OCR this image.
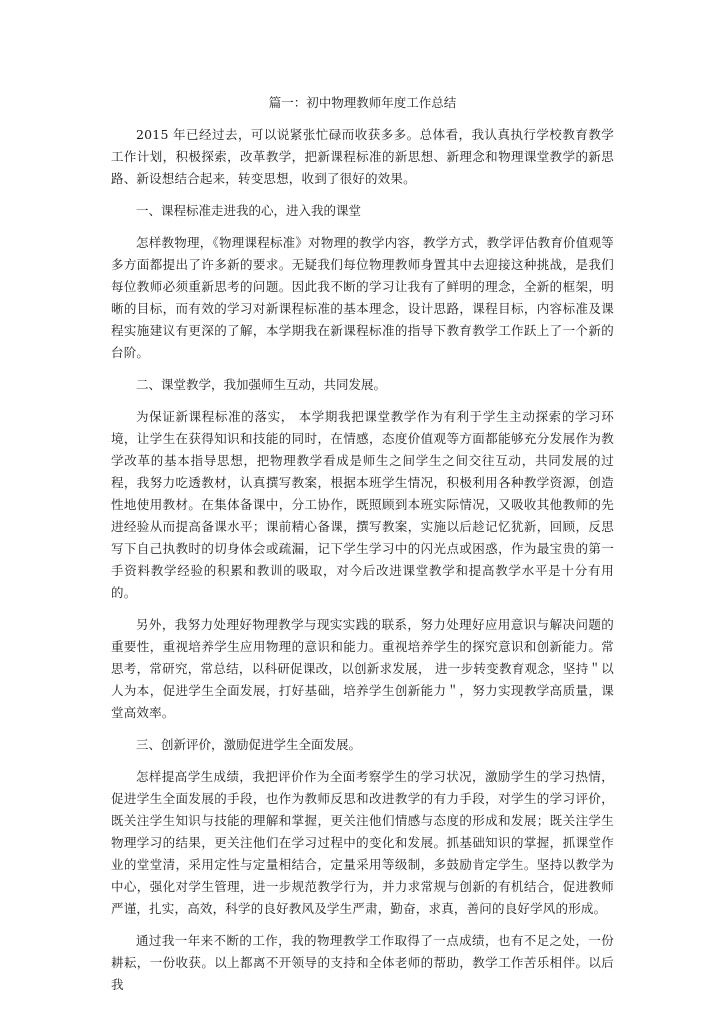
篇一：初中物理教师年度工作总结

2015 年已经过去，可以说紧张忙碌而收获多多。总体看，我认真执行学校教育教学工作计划，积极探索，改革教学，把新课程标准的新思想、新理念和物理课堂教学的新思路、新设想结合起来，转变思想，收到了很好的效果。

一、课程标准走进我的心，进入我的课堂

怎样教物理，《物理课程标准》对物理的教学内容，教学方式，教学评估教育价值观等多方面都提出了许多新的要求。无疑我们每位物理教师身置其中去迎接这种挑战，是我们每位教师必须重新思考的问题。因此我不断的学习让我有了鲜明的理念，全新的框架，明晰的目标，而有效的学习对新课程标准的基本理念，设计思路，课程目标，内容标准及课程实施建议有更深的了解，本学期我在新课程标准的指导下教育教学工作跃上了一个新的台阶。

二、课堂教学，我加强师生互动，共同发展。

为保证新课程标准的落实， 本学期我把课堂教学作为有利于学生主动探索的学习环境，让学生在获得知识和技能的同时，在情感，态度价值观等方面都能够充分发展作为教学改革的基本指导思想，把物理教学看成是师生之间学生之间交往互动，共同发展的过程，我努力吃透教材，认真撰写教案，根据本班学生情况，积极利用各种教学资源，创造性地使用教材。在集体备课中，分工协作，既照顾到本班实际情况，又吸收其他教师的先进经验从而提高备课水平；课前精心备课，撰写教案，实施以后趁记忆犹新，回顾，反思写下自己执教时的切身体会或疏漏，记下学生学习中的闪光点或困惑，作为最宝贵的第一手资料教学经验的积累和教训的吸取，对今后改进课堂教学和提高教学水平是十分有用的。

另外，我努力处理好物理教学与现实实践的联系，努力处理好应用意识与解决问题的重要性，重视培养学生应用物理的意识和能力。重视培养学生的探究意识和创新能力。常思考，常研究，常总结，以科研促课改，以创新求发展， 进一步转变教育观念，坚持＂以人为本，促进学生全面发展，打好基础，培养学生创新能力＂，努力实现教学高质量，课堂高效率。

三、创新评价，激励促进学生全面发展。

怎样提高学生成绩，我把评价作为全面考察学生的学习状况，激励学生的学习热情，促进学生全面发展的手段，也作为教师反思和改进教学的有力手段，对学生的学习评价，既关注学生知识与技能的理解和掌握，更关注他们情感与态度的形成和发展；既关注学生物理学习的结果，更关注他们在学习过程中的变化和发展。抓基础知识的掌握，抓课堂作业的堂堂清，采用定性与定量相结合，定量采用等级制，多鼓励肯定学生。坚持以教学为中心，强化对学生管理，进一步规范教学行为，并力求常规与创新的有机结合，促进教师严谨，扎实，高效，科学的良好教风及学生严肃，勤奋，求真，善问的良好学风的形成。

通过我一年来不断的工作，我的物理教学工作取得了一点成绩，也有不足之处，一份耕耘，一份收获。以上都离不开领导的支持和全体老师的帮助，教学工作苦乐相伴。以后我
